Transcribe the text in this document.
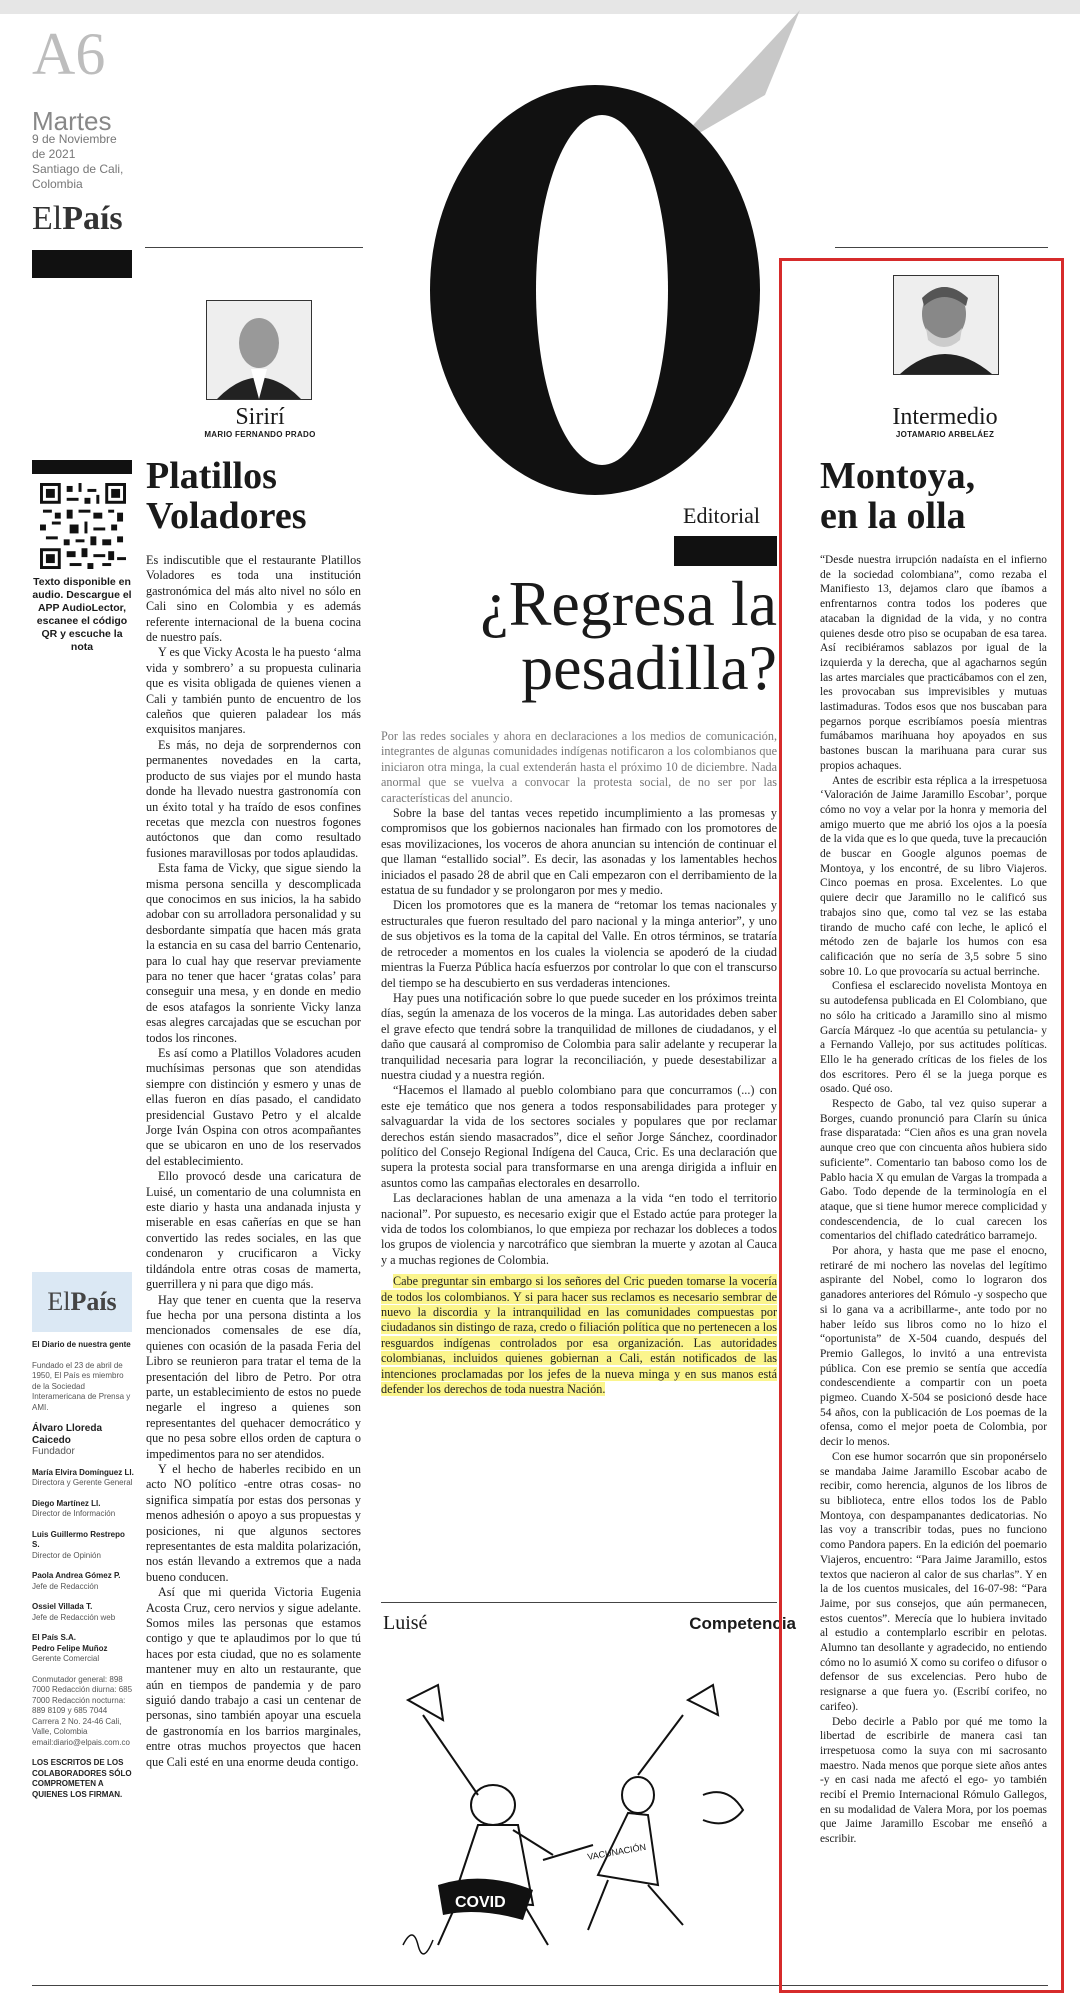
A6
Martes
9 de Noviembre
de 2021
Santiago de Cali,
Colombia
ElPaís
Sirirí
MARIO FERNANDO PRADO
Intermedio
JOTAMARIO ARBELÁEZ
Texto disponible en audio. Descargue el APP AudioLector, escanee el código QR y escuche la nota
ElPaís
El Diario de nuestra gente
Fundado el 23 de abril de 1950, El País es miembro de la Sociedad Interamericana de Prensa y AMI.
Álvaro Lloreda Caicedo
Fundador
María Elvira Domínguez Ll.
Directora y Gerente General
Diego Martínez Ll.
Director de Información
Luis Guillermo Restrepo S.
Director de Opinión
Paola Andrea Gómez P.
Jefe de Redacción
Ossiel Villada T.
Jefe de Redacción web
El País S.A.
Pedro Felipe Muñoz
Gerente Comercial
Conmutador general: 898 7000 Redacción diurna: 685 7000 Redacción nocturna: 889 8109 y 685 7044 Carrera 2 No. 24-46 Cali, Valle, Colombia email:diario@elpais.com.co
LOS ESCRITOS DE LOS COLABORADORES SÓLO COMPROMETEN A QUIENES LOS FIRMAN.
Platillos
Voladores

Es indiscutible que el restaurante Platillos Voladores es toda una institución gastronómica del más alto nivel no sólo en Cali sino en Colombia y es además referente internacional de la buena cocina de nuestro país.

Y es que Vicky Acosta le ha puesto ‘alma vida y sombrero’ a su propuesta culinaria que es visita obligada de quienes vienen a Cali y también punto de encuentro de los caleños que quieren paladear los más exquisitos manjares.

Es más, no deja de sorprendernos con permanentes novedades en la carta, producto de sus viajes por el mundo hasta donde ha llevado nuestra gastronomía con un éxito total y ha traído de esos confines recetas que mezcla con nuestros fogones autóctonos que dan como resultado fusiones maravillosas por todos aplaudidas.

Esta fama de Vicky, que sigue siendo la misma persona sencilla y descomplicada que conocimos en sus inicios, la ha sabido adobar con su arrolladora personalidad y su desbordante simpatía que hacen más grata la estancia en su casa del barrio Centenario, para lo cual hay que reservar previamente para no tener que hacer ‘gratas colas’ para conseguir una mesa, y en donde en medio de esos atafagos la sonriente Vicky lanza esas alegres carcajadas que se escuchan por todos los rincones.

Es así como a Platillos Voladores acuden muchísimas personas que son atendidas siempre con distinción y esmero y unas de ellas fueron en días pasado, el candidato presidencial Gustavo Petro y el alcalde Jorge Iván Ospina con otros acompañantes que se ubicaron en uno de los reservados del establecimiento.

Ello provocó desde una caricatura de Luisé, un comentario de una columnista en este diario y hasta una andanada injusta y miserable en esas cañerías en que se han convertido las redes sociales, en las que condenaron y crucificaron a Vicky tildándola entre otras cosas de mamerta, guerrillera y ni para que digo más.

Hay que tener en cuenta que la reserva fue hecha por una persona distinta a los mencionados comensales de ese día, quienes con ocasión de la pasada Feria del Libro se reunieron para tratar el tema de la presentación del libro de Petro. Por otra parte, un establecimiento de estos no puede negarle el ingreso a quienes son representantes del quehacer democrático y que no pesa sobre ellos orden de captura o impedimentos para no ser atendidos.

Y el hecho de haberles recibido en un acto NO político -entre otras cosas- no significa simpatía por estas dos personas y menos adhesión o apoyo a sus propuestas y posiciones, ni que algunos sectores representantes de esta maldita polarización, nos están llevando a extremos que a nada bueno conducen.

Así que mi querida Victoria Eugenia Acosta Cruz, cero nervios y sigue adelante. Somos miles las personas que estamos contigo y que te aplaudimos por lo que tú haces por esta ciudad, que no es solamente mantener muy en alto un restaurante, que aún en tiempos de pandemia y de paro siguió dando trabajo a casi un centenar de personas, sino también apoyar una escuela de gastronomía en los barrios marginales, entre otras muchos proyectos que hacen que Cali esté en una enorme deuda contigo.

Editorial
¿Regresa la
pesadilla?

Por las redes sociales y ahora en declaraciones a los medios de comunicación, integrantes de algunas comunidades indígenas notificaron a los colombianos que iniciaron otra minga, la cual extenderán hasta el próximo 10 de diciembre. Nada anormal que se vuelva a convocar la protesta social, de no ser por las características del anuncio.

Sobre la base del tantas veces repetido incumplimiento a las promesas y compromisos que los gobiernos nacionales han firmado con los promotores de esas movilizaciones, los voceros de ahora anuncian su intención de continuar el que llaman “estallido social”. Es decir, las asonadas y los lamentables hechos iniciados el pasado 28 de abril que en Cali empezaron con el derribamiento de la estatua de su fundador y se prolongaron por mes y medio.

Dicen los promotores que es la manera de “retomar los temas nacionales y estructurales que fueron resultado del paro nacional y la minga anterior”, y uno de sus objetivos es la toma de la capital del Valle. En otros términos, se trataría de retroceder a momentos en los cuales la violencia se apoderó de la ciudad mientras la Fuerza Pública hacía esfuerzos por controlar lo que con el transcurso del tiempo se ha descubierto en sus verdaderas intenciones.

Hay pues una notificación sobre lo que puede suceder en los próximos treinta días, según la amenaza de los voceros de la minga. Las autoridades deben saber el grave efecto que tendrá sobre la tranquilidad de millones de ciudadanos, y el daño que causará al compromiso de Colombia para salir adelante y recuperar la tranquilidad necesaria para lograr la reconciliación, y puede desestabilizar a nuestra ciudad y a nuestra región.

“Hacemos el llamado al pueblo colombiano para que concurramos (...) con este eje temático que nos genera a todos responsabilidades para proteger y salvaguardar la vida de los sectores sociales y populares que por reclamar derechos están siendo masacrados”, dice el señor Jorge Sánchez, coordinador político del Consejo Regional Indígena del Cauca, Cric. Es una declaración que supera la protesta social para transformarse en una arenga dirigida a influir en asuntos como las campañas electorales en desarrollo.

Las declaraciones hablan de una amenaza a la vida “en todo el territorio nacional”. Por supuesto, es necesario exigir que el Estado actúe para proteger la vida de todos los colombianos, lo que empieza por rechazar los dobleces a todos los grupos de violencia y narcotráfico que siembran la muerte y azotan al Cauca y a muchas regiones de Colombia.

Cabe preguntar sin embargo si los señores del Cric pueden tomarse la vocería de todos los colombianos. Y si para hacer sus reclamos es necesario sembrar de nuevo la discordia y la intranquilidad en las comunidades compuestas por ciudadanos sin distingo de raza, credo o filiación política que no pertenecen a los resguardos indígenas controlados por esa organización. Las autoridades colombianas, incluidos quienes gobiernan a Cali, están notificados de las intenciones proclamadas por los jefes de la nueva minga y en sus manos está defender los derechos de toda nuestra Nación.

Luisé	Competencia
COVID
VACUNACIÓN
Montoya,
en la olla

“Desde nuestra irrupción nadaísta en el infierno de la sociedad colombiana”, como rezaba el Manifiesto 13, dejamos claro que íbamos a enfrentarnos contra todos los poderes que atacaban la dignidad de la vida, y no contra quienes desde otro piso se ocupaban de esa tarea. Así recibiéramos sablazos por igual de la izquierda y la derecha, que al agacharnos según las artes marciales que practicábamos con el zen, les provocaban sus imprevisibles y mutuas lastimaduras. Todos esos que nos buscaban para pegarnos porque escribíamos poesía mientras fumábamos marihuana hoy apoyados en sus bastones buscan la marihuana para curar sus propios achaques.

Antes de escribir esta réplica a la irrespetuosa ‘Valoración de Jaime Jaramillo Escobar’, porque cómo no voy a velar por la honra y memoria del amigo muerto que me abrió los ojos a la poesía de la vida que es lo que queda, tuve la precaución de buscar en Google algunos poemas de Montoya, y los encontré, de su libro Viajeros. Cinco poemas en prosa. Excelentes. Lo que quiere decir que Jaramillo no le calificó sus trabajos sino que, como tal vez se las estaba tirando de mucho café con leche, le aplicó el método zen de bajarle los humos con esa calificación que no sería de 3,5 sobre 5 sino sobre 10. Lo que provocaría su actual berrinche.

Confiesa el esclarecido novelista Montoya en su autodefensa publicada en El Colombiano, que no sólo ha criticado a Jaramillo sino al mismo García Márquez -lo que acentúa su petulancia- y a Fernando Vallejo, por sus actitudes políticas. Ello le ha generado críticas de los fieles de los dos escritores. Pero él se la juega porque es osado. Qué oso.

Respecto de Gabo, tal vez quiso superar a Borges, cuando pronunció para Clarín su única frase disparatada: “Cien años es una gran novela aunque creo que con cincuenta años hubiera sido suficiente”. Comentario tan baboso como los de Pablo hacia X qu emulan de Vargas la trompada a Gabo. Todo depende de la terminología en el ataque, que si tiene humor merece complicidad y condescendencia, de lo cual carecen los comentarios del chiflado catedrático barramejo.

Por ahora, y hasta que me pase el enocno, retiraré de mi nochero las novelas del legítimo aspirante del Nobel, como lo lograron dos ganadores anteriores del Rómulo -y sospecho que si lo gana va a acribillarme-, ante todo por no haber leído sus libros como no lo hizo el “oportunista” de X-504 cuando, después del Premio Gallegos, lo invitó a una entrevista pública. Con ese premio se sentía que accedía condescendiente a compartir con un poeta pigmeo. Cuando X-504 se posicionó desde hace 54 años, con la publicación de Los poemas de la ofensa, como el mejor poeta de Colombia, por decir lo menos.

Con ese humor socarrón que sin proponérselo se mandaba Jaime Jaramillo Escobar acabo de recibir, como herencia, algunos de los libros de su biblioteca, entre ellos todos los de Pablo Montoya, con despampanantes dedicatorias. No las voy a transcribir todas, pues no funciono como Pandora papers. En la edición del poemario Viajeros, encuentro: “Para Jaime Jaramillo, estos textos que nacieron al calor de sus charlas”. Y en la de los cuentos musicales, del 16-07-98: “Para Jaime, por sus consejos, que aún permanecen, estos cuentos”. Merecía que lo hubiera invitado al estudio a contemplarlo escribir en pelotas. Alumno tan desollante y agradecido, no entiendo cómo no lo asumió X como su corifeo o difusor o defensor de sus excelencias. Pero hubo de resignarse a que fuera yo. (Escribí corifeo, no carifeo).

Debo decirle a Pablo por qué me tomo la libertad de escribirle de manera casi tan irrespetuosa como la suya con mi sacrosanto maestro. Nada menos que porque siete años antes -y en casi nada me afectó el ego- yo también recibí el Premio Internacional Rómulo Gallegos, en su modalidad de Valera Mora, por los poemas que Jaime Jaramillo Escobar me enseñó a escribir.
